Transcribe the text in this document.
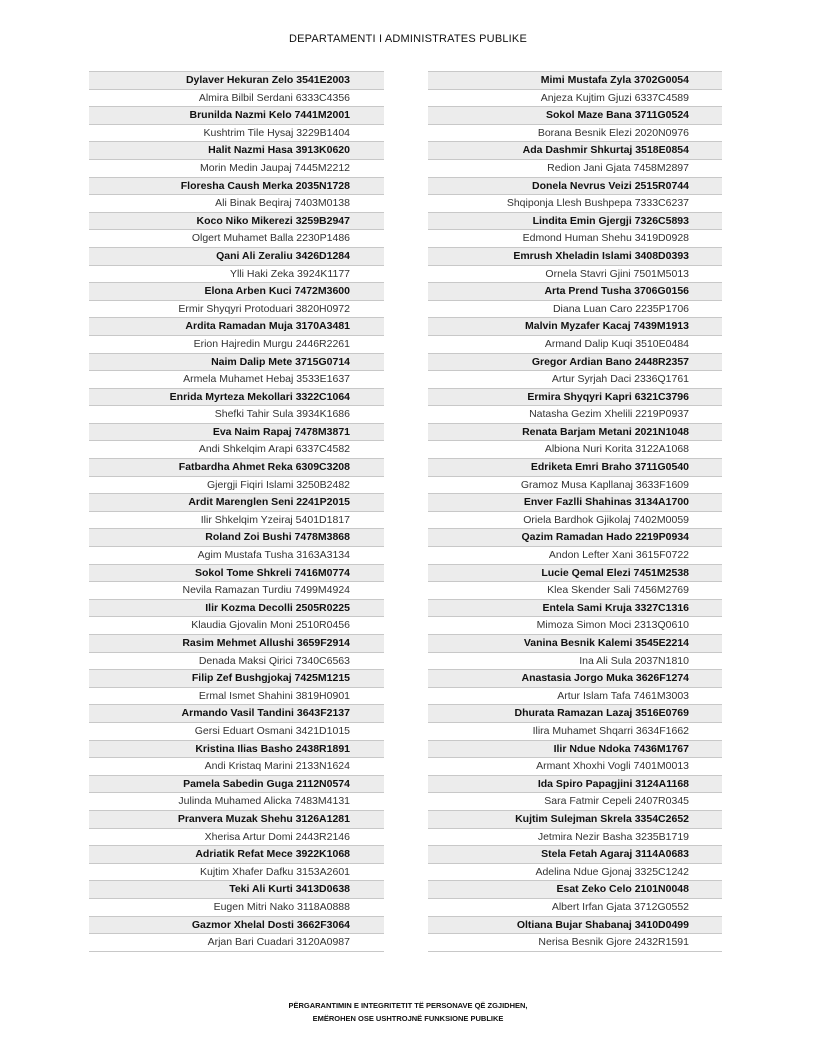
DEPARTAMENTI I ADMINISTRATES PUBLIKE
Dylaver Hekuran Zelo 3541E2003
Almira Bilbil Serdani 6333C4356
Brunilda Nazmi Kelo 7441M2001
Kushtrim Tile Hysaj 3229B1404
Halit Nazmi Hasa 3913K0620
Morin Medin Jaupaj 7445M2212
Floresha Caush Merka 2035N1728
Ali Binak Beqiraj 7403M0138
Koco Niko Mikerezi 3259B2947
Olgert Muhamet Balla 2230P1486
Qani Ali Zeraliu 3426D1284
Ylli Haki Zeka 3924K1177
Elona Arben Kuci 7472M3600
Ermir Shyqyri Protoduari 3820H0972
Ardita Ramadan Muja 3170A3481
Erion Hajredin Murgu 2446R2261
Naim Dalip Mete 3715G0714
Armela Muhamet Hebaj 3533E1637
Enrida Myrteza Mekollari 3322C1064
Shefki Tahir Sula 3934K1686
Eva Naim Rapaj 7478M3871
Andi Shkelqim Arapi 6337C4582
Fatbardha Ahmet Reka 6309C3208
Gjergji Fiqiri Islami 3250B2482
Ardit Marenglen Seni 2241P2015
Ilir Shkelqim Yzeiraj 5401D1817
Roland Zoi Bushi 7478M3868
Agim Mustafa Tusha 3163A3134
Sokol Tome Shkreli 7416M0774
Nevila Ramazan Turdiu 7499M4924
Ilir Kozma Decolli 2505R0225
Klaudia Gjovalin Moni 2510R0456
Rasim Mehmet Allushi 3659F2914
Denada Maksi Qirici 7340C6563
Filip Zef Bushgjokaj 7425M1215
Ermal Ismet Shahini 3819H0901
Armando Vasil Tandini 3643F2137
Gersi Eduart Osmani 3421D1015
Kristina Ilias Basho 2438R1891
Andi Kristaq Marini 2133N1624
Pamela Sabedin Guga 2112N0574
Julinda Muhamed Alicka 7483M4131
Pranvera Muzak Shehu 3126A1281
Xherisa Artur Domi 2443R2146
Adriatik Refat Mece 3922K1068
Kujtim Xhafer Dafku 3153A2601
Teki Ali Kurti 3413D0638
Eugen Mitri Nako 3118A0888
Gazmor Xhelal Dosti 3662F3064
Arjan Bari Cuadari 3120A0987
Mimi Mustafa Zyla 3702G0054
Anjeza Kujtim Gjuzi 6337C4589
Sokol Maze Bana 3711G0524
Borana Besnik Elezi 2020N0976
Ada Dashmir Shkurtaj 3518E0854
Redion Jani Gjata 7458M2897
Donela Nevrus Veizi 2515R0744
Shqiponja Llesh Bushpepa 7333C6237
Lindita Emin Gjergji 7326C5893
Edmond Human Shehu 3419D0928
Emrush Xheladin Islami 3408D0393
Ornela Stavri Gjini 7501M5013
Arta Prend Tusha 3706G0156
Diana Luan Caro 2235P1706
Malvin Myzafer Kacaj 7439M1913
Armand Dalip Kuqi 3510E0484
Gregor Ardian Bano 2448R2357
Artur Syrjah Daci 2336Q1761
Ermira Shyqyri Kapri 6321C3796
Natasha Gezim Xhelili 2219P0937
Renata Barjam Metani 2021N1048
Albiona Nuri Korita 3122A1068
Edriketa Emri Braho 3711G0540
Gramoz Musa Kapllanaj 3633F1609
Enver Fazlli Shahinas 3134A1700
Oriela Bardhok Gjikolaj 7402M0059
Qazim Ramadan Hado 2219P0934
Andon Lefter Xani 3615F0722
Lucie Qemal Elezi 7451M2538
Klea Skender Sali 7456M2769
Entela Sami Kruja 3327C1316
Mimoza Simon Moci 2313Q0610
Vanina Besnik Kalemi 3545E2214
Ina Ali Sula 2037N1810
Anastasia Jorgo Muka 3626F1274
Artur Islam Tafa 7461M3003
Dhurata Ramazan Lazaj 3516E0769
Ilira Muhamet Shqarri 3634F1662
Ilir Ndue Ndoka 7436M1767
Armant Xhoxhi Vogli 7401M0013
Ida Spiro Papagjini 3124A1168
Sara Fatmir Cepeli 2407R0345
Kujtim Sulejman Skrela 3354C2652
Jetmira Nezir Basha 3235B1719
Stela Fetah Agaraj 3114A0683
Adelina Ndue Gjonaj 3325C1242
Esat Zeko Celo 2101N0048
Albert Irfan Gjata 3712G0552
Oltiana Bujar Shabanaj 3410D0499
Nerisa Besnik Gjore 2432R1591
PËRGARANTIMIN E INTEGRITETIT TË PERSONAVE QË ZGJIDHEN,
EMËROHEN OSE USHTROJNË FUNKSIONE PUBLIKE
